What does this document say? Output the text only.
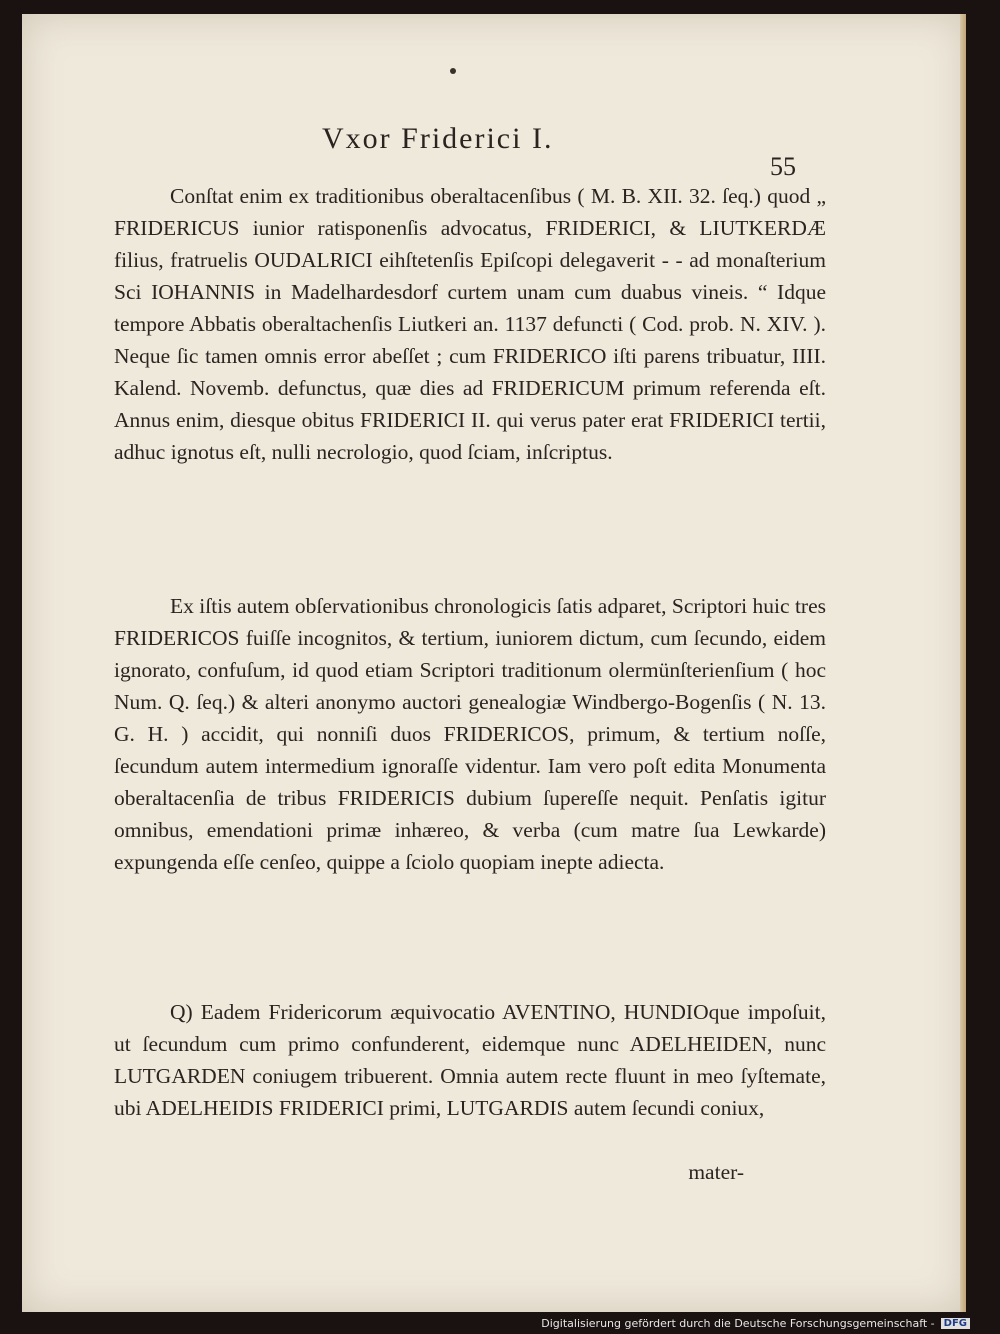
Vxor Friderici I.
55

Conſtat enim ex traditionibus oberaltacenſibus ( M. B. XII. 32. ſeq.) quod „ FRIDERICUS iunior ratisponenſis advocatus, FRIDERICI, & LIUTKERDÆ filius, fratruelis OUDALRICI eihſtetenſis Epiſcopi delegaverit - - ad monaſterium Sci IOHANNIS in Madelhardesdorf curtem unam cum duabus vineis. “ Idque tempore Abbatis oberaltachenſis Liutkeri an. 1137 defuncti ( Cod. prob. N. XIV. ). Neque ſic tamen omnis error abeſſet ; cum FRIDERICO iſti parens tribuatur, IIII. Kalend. Novemb. defunctus, quæ dies ad FRIDERICUM primum referenda eſt. Annus enim, diesque obitus FRIDERICI II. qui verus pater erat FRIDERICI tertii, adhuc ignotus eſt, nulli necrologio, quod ſciam, inſcriptus.

Ex iſtis autem obſervationibus chronologicis ſatis adparet, Scriptori huic tres FRIDERICOS fuiſſe incognitos, & tertium, iuniorem dictum, cum ſecundo, eidem ignorato, confuſum, id quod etiam Scriptori traditionum olermünſterienſium ( hoc Num. Q. ſeq.) & alteri anonymo auctori genealogiæ Windbergo-Bogenſis ( N. 13. G. H. ) accidit, qui nonniſi duos FRIDERICOS, primum, & tertium noſſe, ſecundum autem intermedium ignoraſſe videntur. Iam vero poſt edita Monumenta oberaltacenſia de tribus FRIDERICIS dubium ſupereſſe nequit. Penſatis igitur omnibus, emendationi primæ inhæreo, & verba (cum matre ſua Lewkarde) expungenda eſſe cenſeo, quippe a ſciolo quopiam inepte adiecta.

Q) Eadem Fridericorum æquivocatio AVENTINO, HUNDIOque impoſuit, ut ſecundum cum primo confunderent, eidemque nunc ADELHEIDEN, nunc LUTGARDEN coniugem tribuerent. Omnia autem recte fluunt in meo ſyſtemate, ubi ADELHEIDIS FRIDERICI primi, LUTGARDIS autem ſecundi coniux,

mater-
Digitalisierung gefördert durch die Deutsche Forschungsgemeinschaft - DFG
